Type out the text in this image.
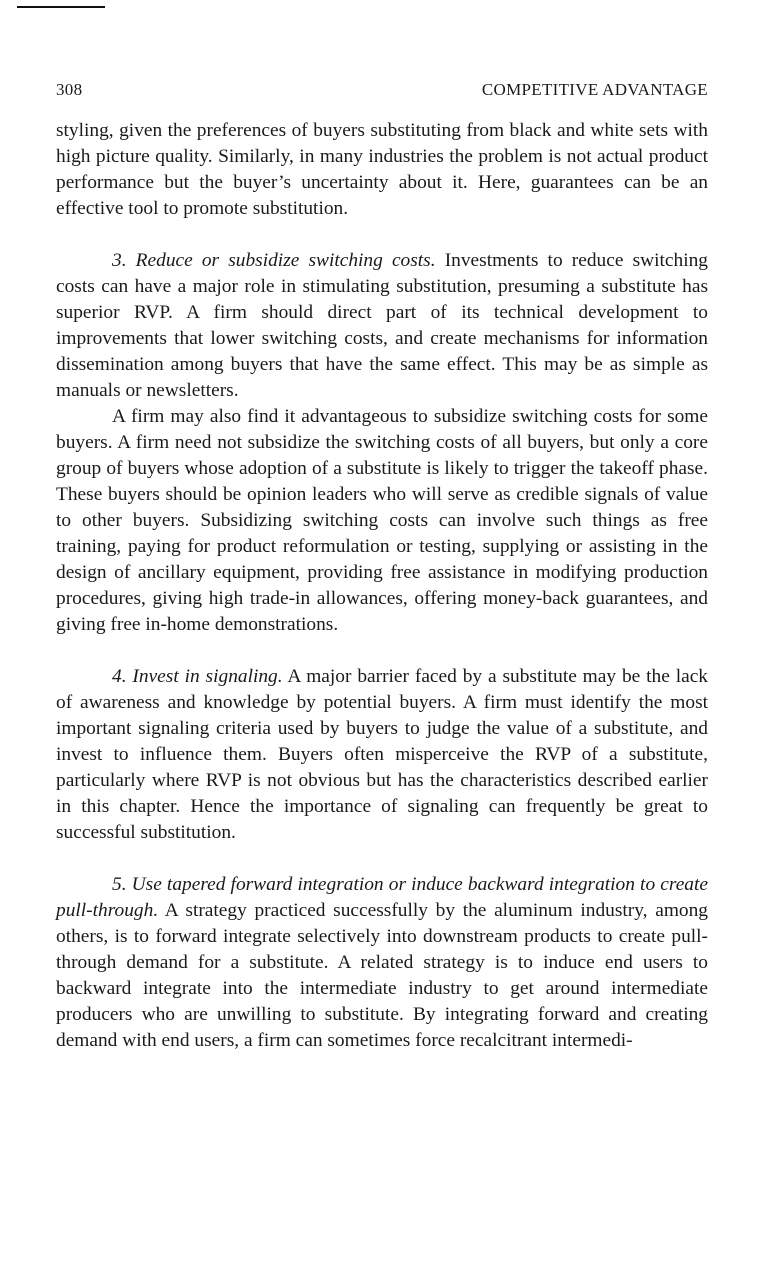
308	COMPETITIVE ADVANTAGE

styling, given the preferences of buyers substituting from black and white sets with high picture quality. Similarly, in many industries the problem is not actual product performance but the buyer’s uncertainty about it. Here, guarantees can be an effective tool to promote substitution.

3. Reduce or subsidize switching costs. Investments to reduce switching costs can have a major role in stimulating substitution, presuming a substitute has superior RVP. A firm should direct part of its technical development to improvements that lower switching costs, and create mechanisms for information dissemination among buyers that have the same effect. This may be as simple as manuals or newsletters.

A firm may also find it advantageous to subsidize switching costs for some buyers. A firm need not subsidize the switching costs of all buyers, but only a core group of buyers whose adoption of a substitute is likely to trigger the takeoff phase. These buyers should be opinion leaders who will serve as credible signals of value to other buyers. Subsidizing switching costs can involve such things as free training, paying for product reformulation or testing, supplying or assisting in the design of ancillary equipment, providing free assistance in modifying production procedures, giving high trade-in allowances, offering money-back guarantees, and giving free in-home demonstrations.

4. Invest in signaling. A major barrier faced by a substitute may be the lack of awareness and knowledge by potential buyers. A firm must identify the most important signaling criteria used by buyers to judge the value of a substitute, and invest to influence them. Buyers often misperceive the RVP of a substitute, particularly where RVP is not obvious but has the characteristics described earlier in this chapter. Hence the importance of signaling can frequently be great to successful substitution.

5. Use tapered forward integration or induce backward integration to create pull-through. A strategy practiced successfully by the aluminum industry, among others, is to forward integrate selectively into downstream products to create pull-through demand for a substitute. A related strategy is to induce end users to backward integrate into the intermediate industry to get around intermediate producers who are unwilling to substitute. By integrating forward and creating demand with end users, a firm can sometimes force recalcitrant intermedi-
